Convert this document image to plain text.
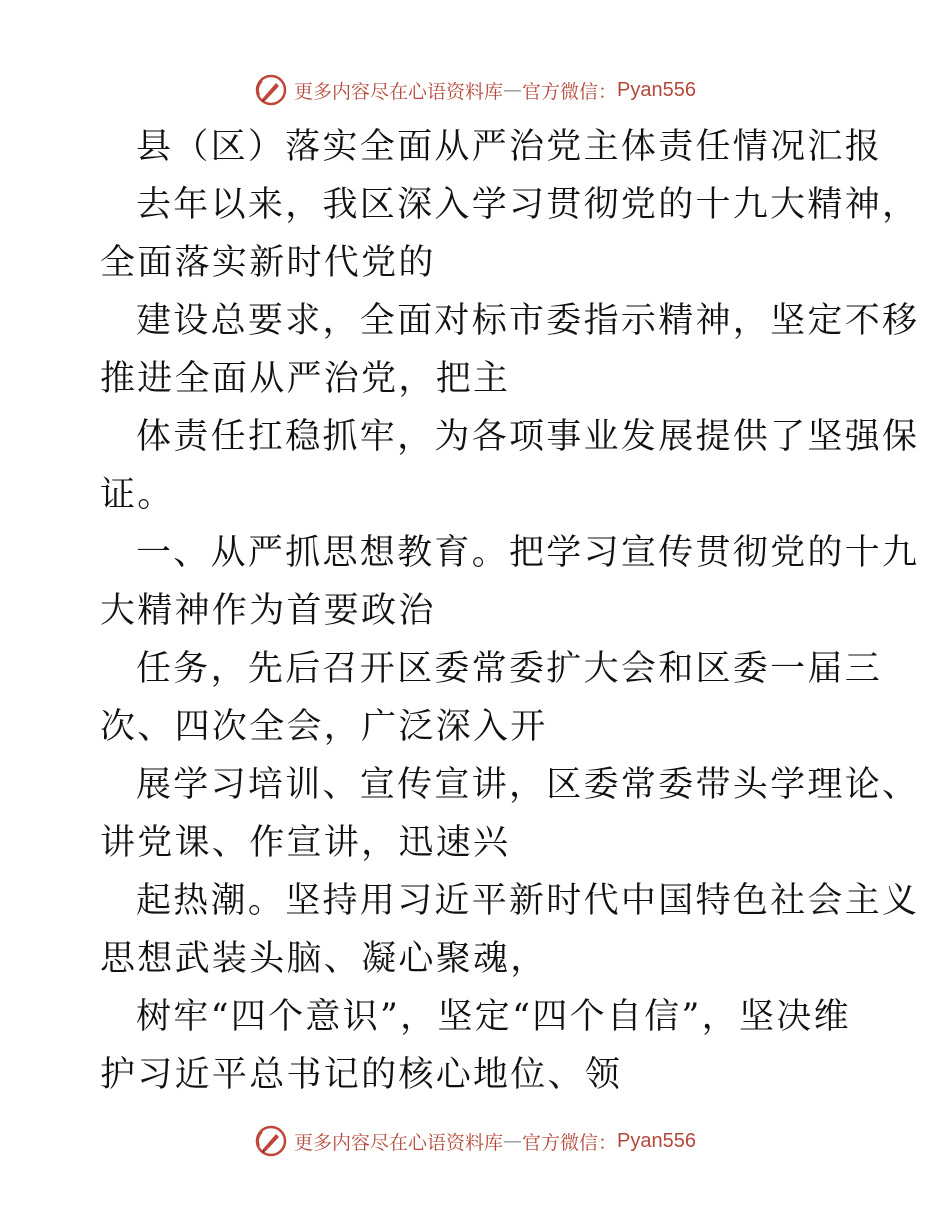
更多内容尽在心语资料库 — 官方微信： Pyan556
县（区）落实全面从严治党主体责任情况汇报
去年以来，我区深入学习贯彻党的十九大精神，
全面落实新时代党的
建设总要求，全面对标市委指示精神，坚定不移
推进全面从严治党，把主
体责任扛稳抓牢，为各项事业发展提供了坚强保
证。
一、从严抓思想教育。把学习宣传贯彻党的十九
大精神作为首要政治
任务，先后召开区委常委扩大会和区委一届三
次、四次全会，广泛深入开
展学习培训、宣传宣讲，区委常委带头学理论、
讲党课、作宣讲，迅速兴
起热潮。坚持用习近平新时代中国特色社会主义
思想武装头脑、凝心聚魂，
树牢“四个意识”，坚定“四个自信”，坚决维
护习近平总书记的核心地位、领
更多内容尽在心语资料库 — 官方微信： Pyan556
